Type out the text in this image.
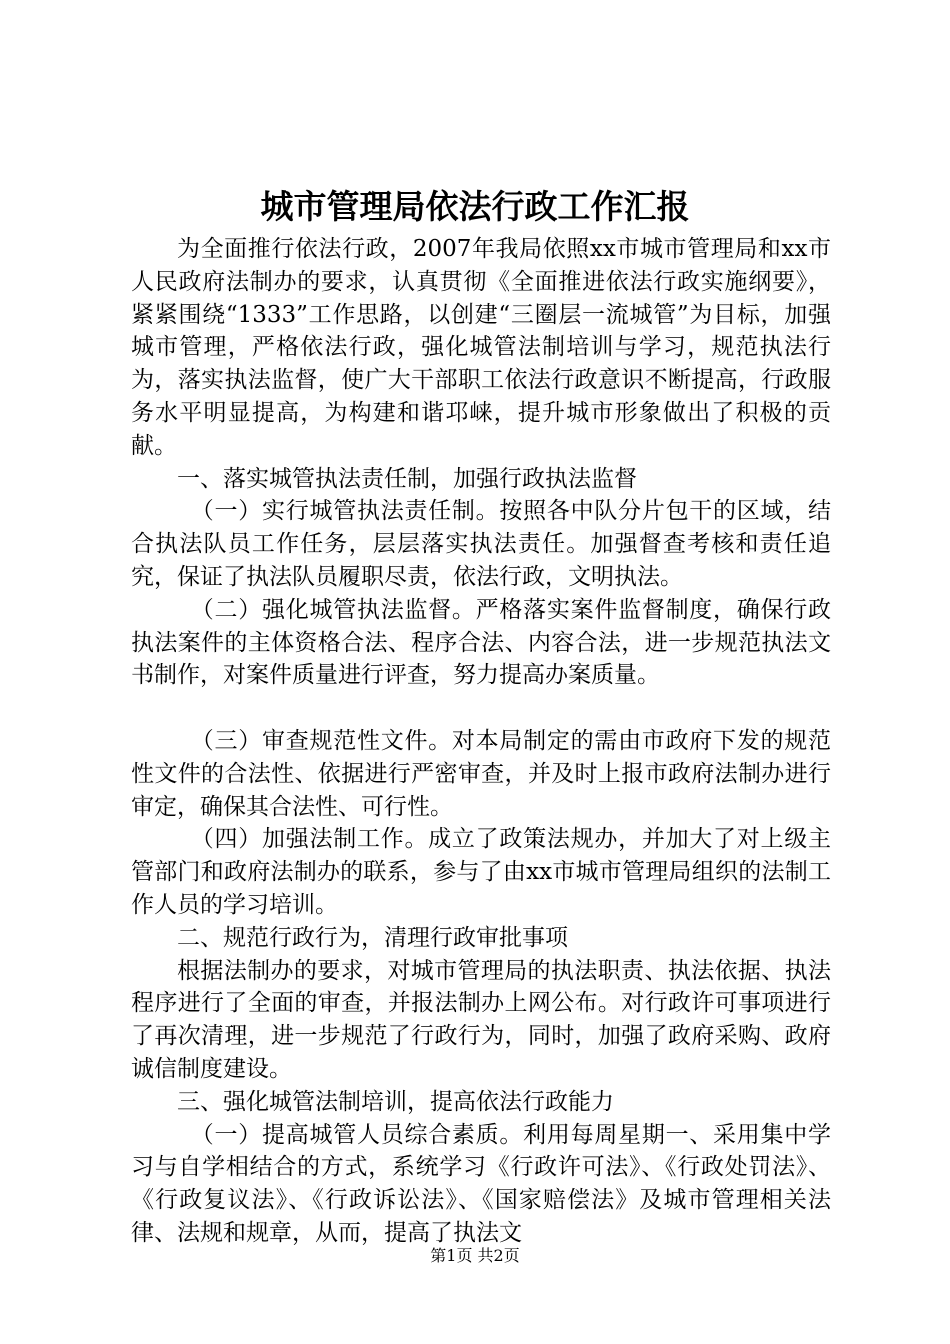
城市管理局依法行政工作汇报

为全面推行依法行政，2007年我局依照xx市城市管理局和xx市人民政府法制办的要求，认真贯彻《全面推进依法行政实施纲要》，紧紧围绕“1333”工作思路，以创建“三圈层一流城管”为目标，加强城市管理，严格依法行政，强化城管法制培训与学习，规范执法行为，落实执法监督，使广大干部职工依法行政意识不断提高，行政服务水平明显提高，为构建和谐邛崃，提升城市形象做出了积极的贡献。

一、落实城管执法责任制，加强行政执法监督

（一）实行城管执法责任制。按照各中队分片包干的区域，结合执法队员工作任务，层层落实执法责任。加强督查考核和责任追究，保证了执法队员履职尽责，依法行政，文明执法。

（二）强化城管执法监督。严格落实案件监督制度，确保行政执法案件的主体资格合法、程序合法、内容合法，进一步规范执法文书制作，对案件质量进行评查，努力提高办案质量。

（三）审查规范性文件。对本局制定的需由市政府下发的规范性文件的合法性、依据进行严密审查，并及时上报市政府法制办进行审定，确保其合法性、可行性。

（四）加强法制工作。成立了政策法规办，并加大了对上级主管部门和政府法制办的联系，参与了由xx市城市管理局组织的法制工作人员的学习培训。

二、规范行政行为，清理行政审批事项

根据法制办的要求，对城市管理局的执法职责、执法依据、执法程序进行了全面的审查，并报法制办上网公布。对行政许可事项进行了再次清理，进一步规范了行政行为，同时，加强了政府采购、政府诚信制度建设。

三、强化城管法制培训，提高依法行政能力

（一）提高城管人员综合素质。利用每周星期一、采用集中学习与自学相结合的方式，系统学习《行政许可法》、《行政处罚法》、《行政复议法》、《行政诉讼法》、《国家赔偿法》及城市管理相关法律、法规和规章，从而，提高了执法文

第1页 共2页
